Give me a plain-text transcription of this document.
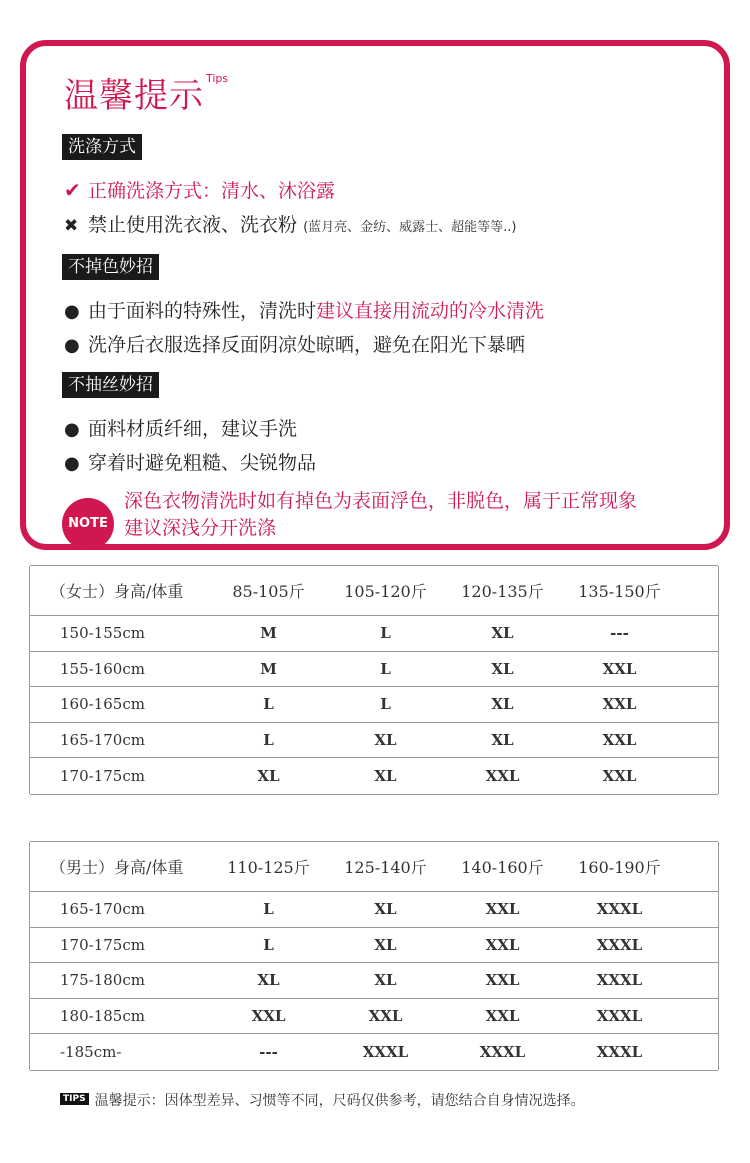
温馨提示 $^{Tips}$
洗涤方式
✔ 正确洗涤方式：清水、沐浴露
✖ 禁止使用洗衣液、洗衣粉 (蓝月亮、金纺、威露士、超能等等..)
不掉色妙招
● 由于面料的特殊性，清洗时建议直接用流动的冷水清洗
● 洗净后衣服选择反面阴凉处晾晒，避免在阳光下暴晒
不抽丝妙招
● 面料材质纤细，建议手洗
● 穿着时避免粗糙、尖锐物品
NOTE
深色衣物清洗时如有掉色为表面浮色，非脱色，属于正常现象
建议深浅分开洗涤
（女士）身高/体重	85-105斤	105-120斤	120-135斤	135-150斤
150-155cm	M	L	XL	---
155-160cm	M	L	XL	XXL
160-165cm	L	L	XL	XXL
165-170cm	L	XL	XL	XXL
170-175cm	XL	XL	XXL	XXL
（男士）身高/体重	110-125斤	125-140斤	140-160斤	160-190斤
165-170cm	L	XL	XXL	XXXL
170-175cm	L	XL	XXL	XXXL
175-180cm	XL	XL	XXL	XXXL
180-185cm	XXL	XXL	XXL	XXXL
-185cm-	---	XXXL	XXXL	XXXL
TIPS 温馨提示：因体型差异、习惯等不同，尺码仅供参考，请您结合自身情况选择。
